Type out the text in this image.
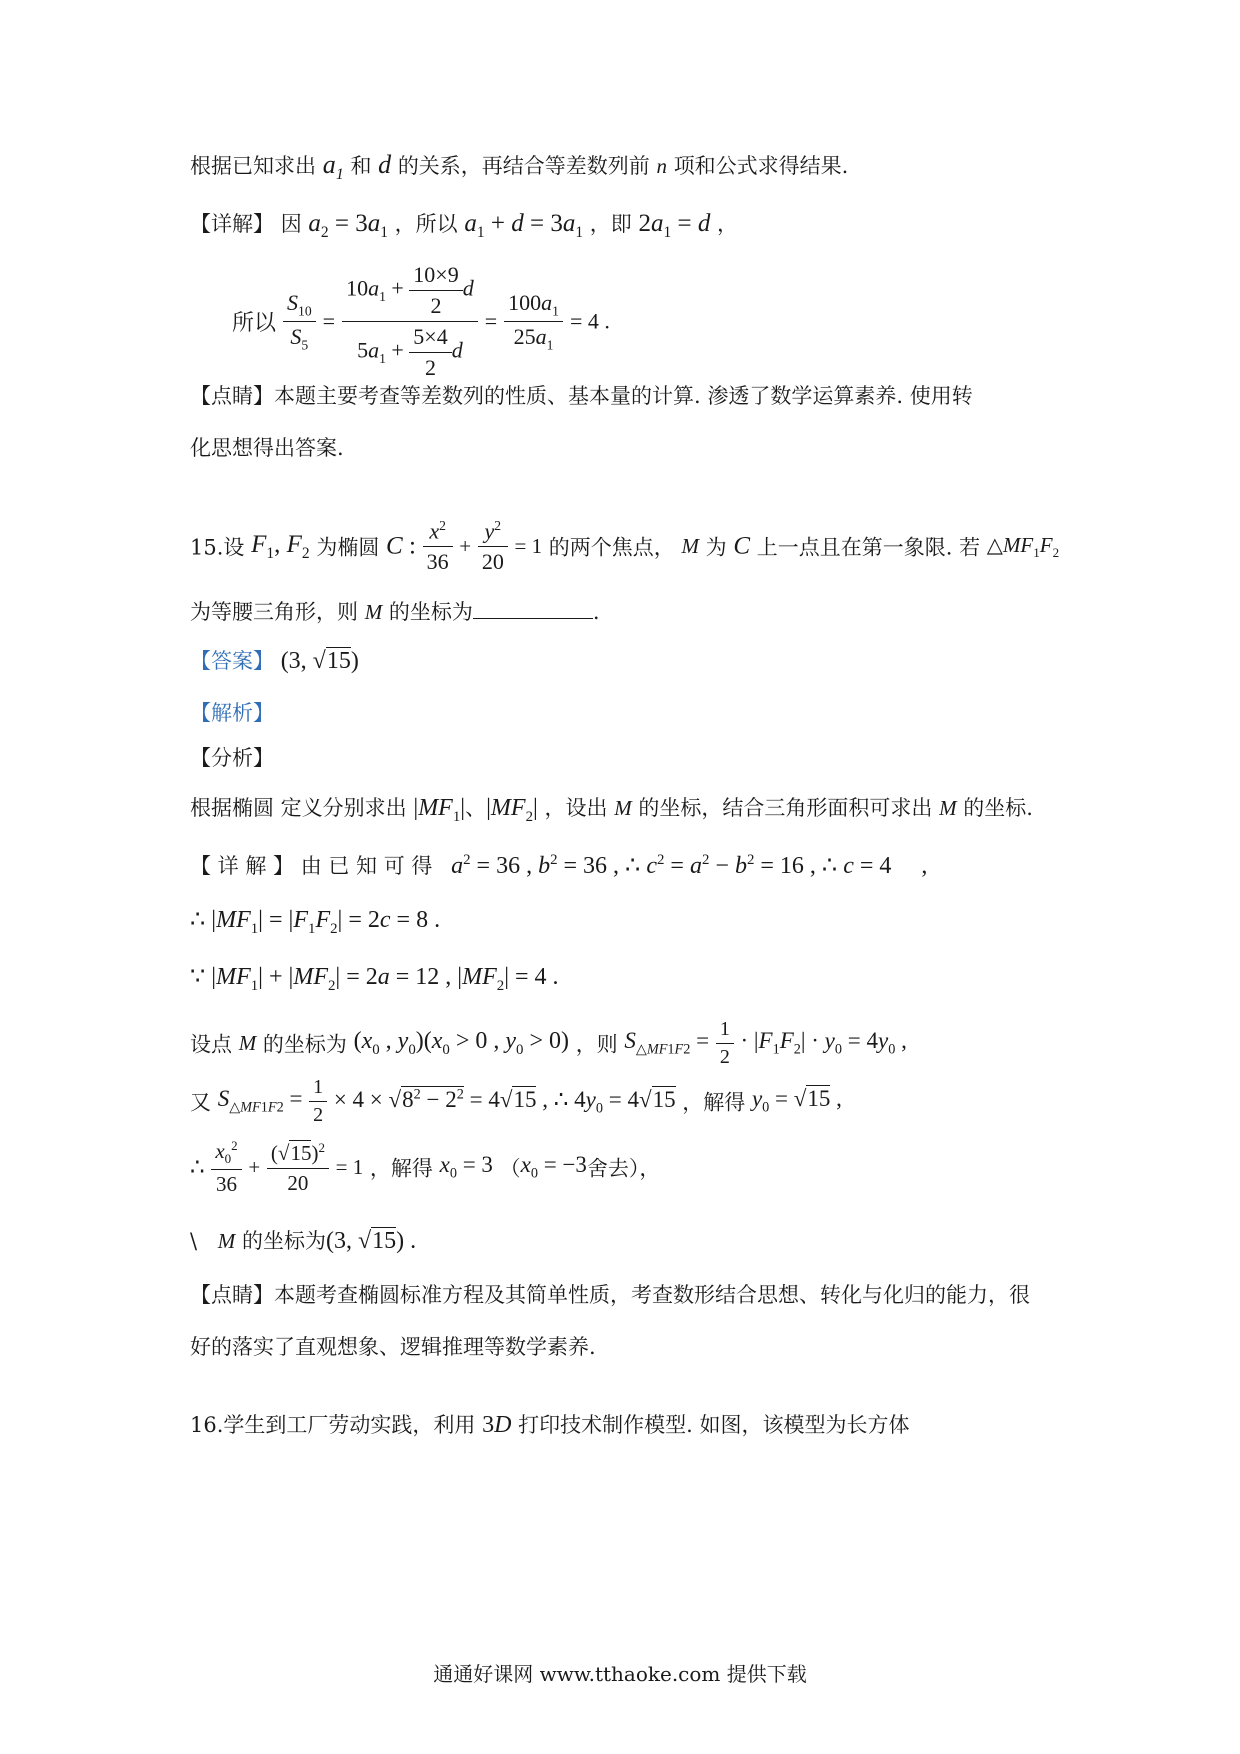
根据已知求出 $a_1$ 和 d 的关系，再结合等差数列前 n 项和公式求得结果.
【详解】 因 $a_2 = 3a_1$ ，所以 $a_1 + d = 3a_1$ ，即 $2a_1 = d$ ，
所以 $\frac{S_{10}}{S_5} = \frac{10a_1 + \frac{10\times 9}{2} d}{5a_1 + \frac{5\times 4}{2} d} = \frac{100a_1}{25a_1} = 4$ .
【点睛】本题主要考查等差数列的性质、基本量的计算. 渗透了数学运算素养. 使用转
化思想得出答案.
15.设 $F_1$, $F_2$ 为椭圆 C : $\frac{x^2}{36} + \frac{y^2}{20} = 1$ 的两个焦点， M 为 C 上一点且在第一象限. 若 $\triangle MF_1F_2$
为等腰三角形，则 M 的坐标为	.
【答案】 (3, √15)
【解析】
【分析】
根据椭圆 定义分别求出 $|MF_1|$、$|MF_2|$ ，设出 M 的坐标，结合三角形面积可求出 M 的坐标.
【 详 解 】 由 已 知 可 得 $a^2 = 36$ , $b^2 = 36$ , ∴ $c^2 = a^2 - b^2 = 16$ , ∴ c = 4     ,
∴ $|MF_1| = |F_1F_2| = 2c = 8$ .
∵ $|MF_1| + |MF_2| = 2a = 12$ , $|MF_2| = 4$ .
设点 M 的坐标为 ($x_0$ , $y_0)(x_0 > 0$ , $y_0 > 0$) ，则 $S_{\triangle MF1F2} = \frac{1}{2} \cdot |F_1F_2| \cdot y_0 = 4y_0$ ,
又 $S_{\triangle MF1F2} = \frac{1}{2} \times 4 \times √8^2 - 2^2 = 4√15$ , ∴ $4y_0 = 4√15$ ，解得 $y_0 = √15$ ,
∴ $\frac{x_0^2}{36} + \frac{(√15)^2}{20} = 1$ ，解得 $x_0 = 3$ （$x_0 = -3$舍去），
\ M 的坐标为(3, √15) .
【点睛】本题考查椭圆标准方程及其简单性质，考查数形结合思想、转化与化归的能力，很
好的落实了直观想象、逻辑推理等数学素养.
16.学生到工厂劳动实践，利用 3D 打印技术制作模型. 如图，该模型为长方体
通通好课网 www.tthaoke.com 提供下载
